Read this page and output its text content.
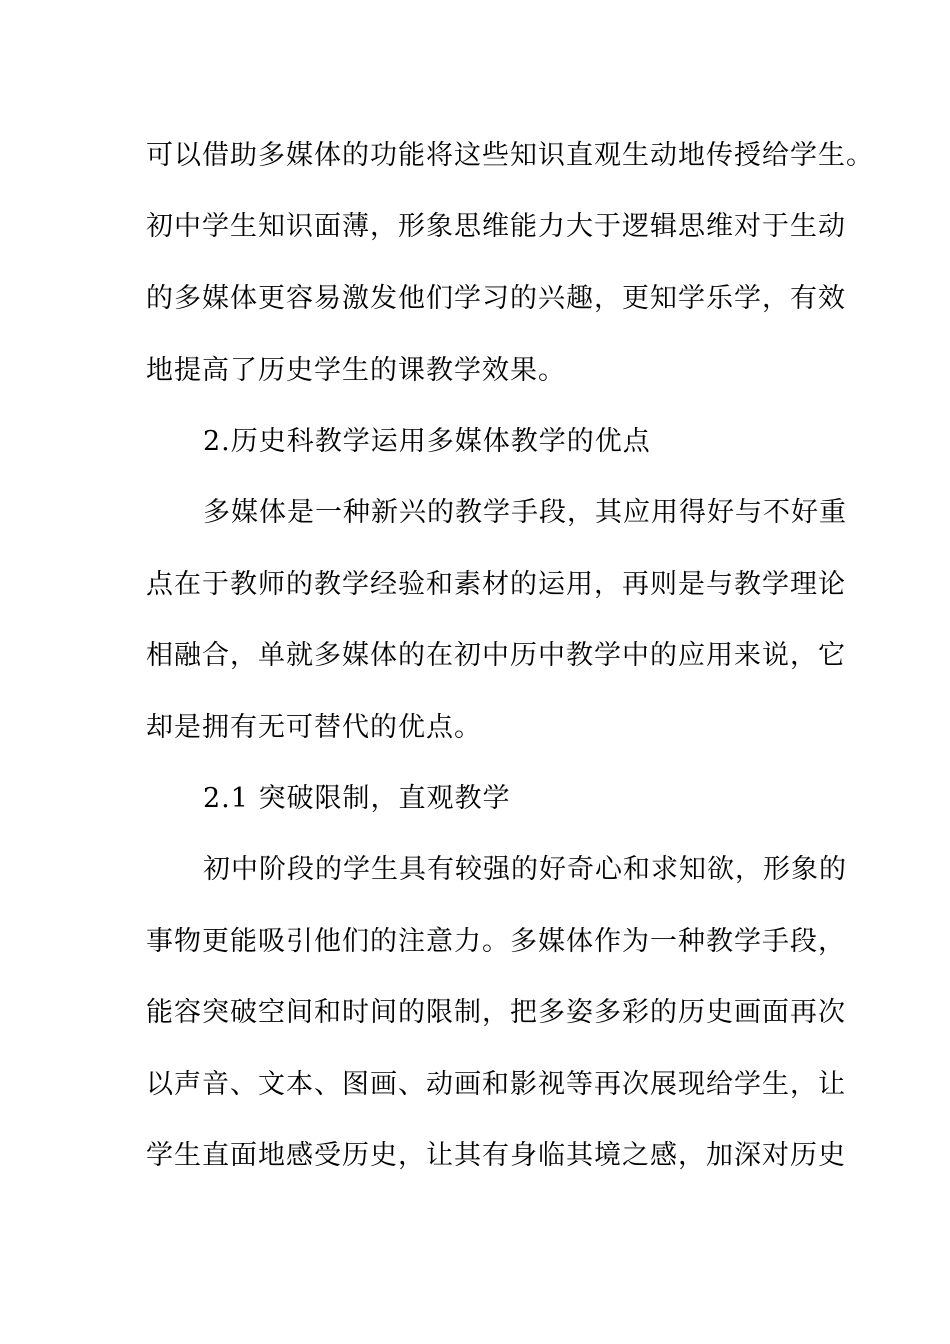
可以借助多媒体的功能将这些知识直观生动地传授给学生。
初中学生知识面薄，形象思维能力大于逻辑思维对于生动
的多媒体更容易激发他们学习的兴趣，更知学乐学，有效
地提高了历史学生的课教学效果。
2.历史科教学运用多媒体教学的优点
多媒体是一种新兴的教学手段，其应用得好与不好重
点在于教师的教学经验和素材的运用，再则是与教学理论
相融合，单就多媒体的在初中历中教学中的应用来说，它
却是拥有无可替代的优点。
2.1 突破限制，直观教学
初中阶段的学生具有较强的好奇心和求知欲，形象的
事物更能吸引他们的注意力。多媒体作为一种教学手段，
能容突破空间和时间的限制，把多姿多彩的历史画面再次
以声音、文本、图画、动画和影视等再次展现给学生，让
学生直面地感受历史，让其有身临其境之感，加深对历史
